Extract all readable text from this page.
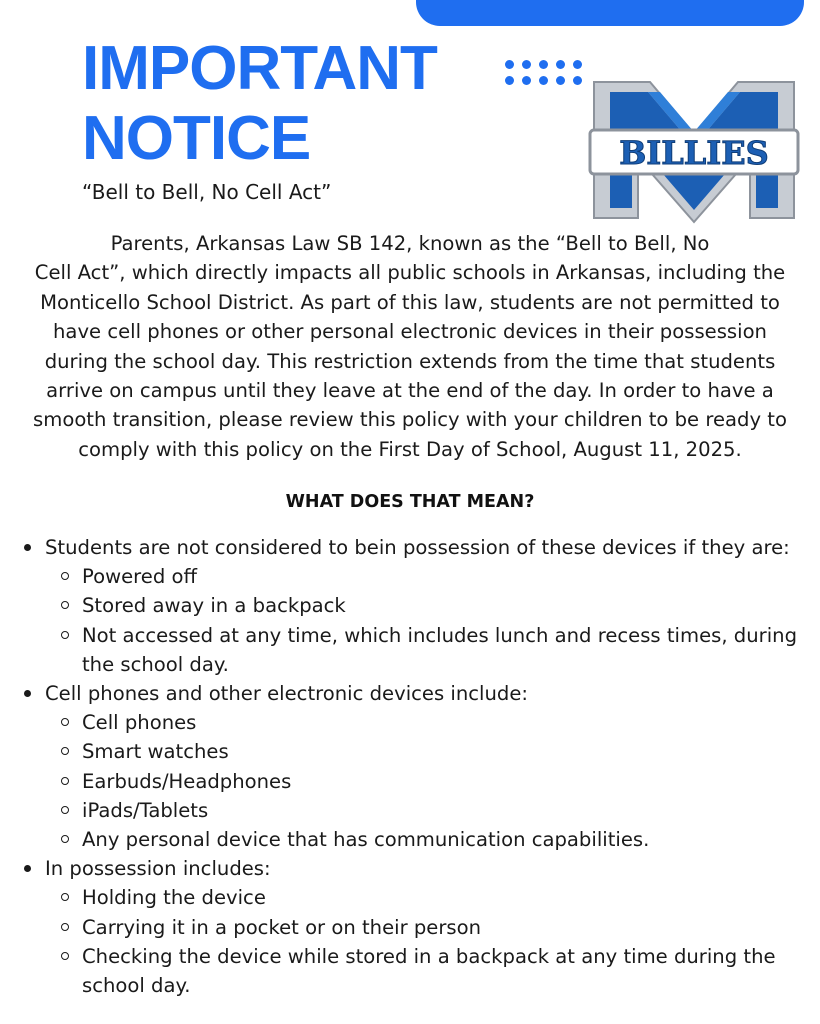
IMPORTANT
NOTICE
“Bell to Bell, No Cell Act”
BILLIES
Parents, Arkansas Law SB 142, known as the “Bell to Bell, No
Cell Act”, which directly impacts all public schools in Arkansas, including the
Monticello School District. As part of this law, students are not permitted to
have cell phones or other personal electronic devices in their possession
during the school day. This restriction extends from the time that students
arrive on campus until they leave at the end of the day. In order to have a
smooth transition, please review this policy with your children to be ready to
comply with this policy on the First Day of School, August 11, 2025.
WHAT DOES THAT MEAN?
Students are not considered to bein possession of these devices if they are:
Powered off
Stored away in a backpack
Not accessed at any time, which includes lunch and recess times, during the school day.
Cell phones and other electronic devices include:
Cell phones
Smart watches
Earbuds/Headphones
iPads/Tablets
Any personal device that has communication capabilities.
In possession includes:
Holding the device
Carrying it in a pocket or on their person
Checking the device while stored in a backpack at any time during the school day.
